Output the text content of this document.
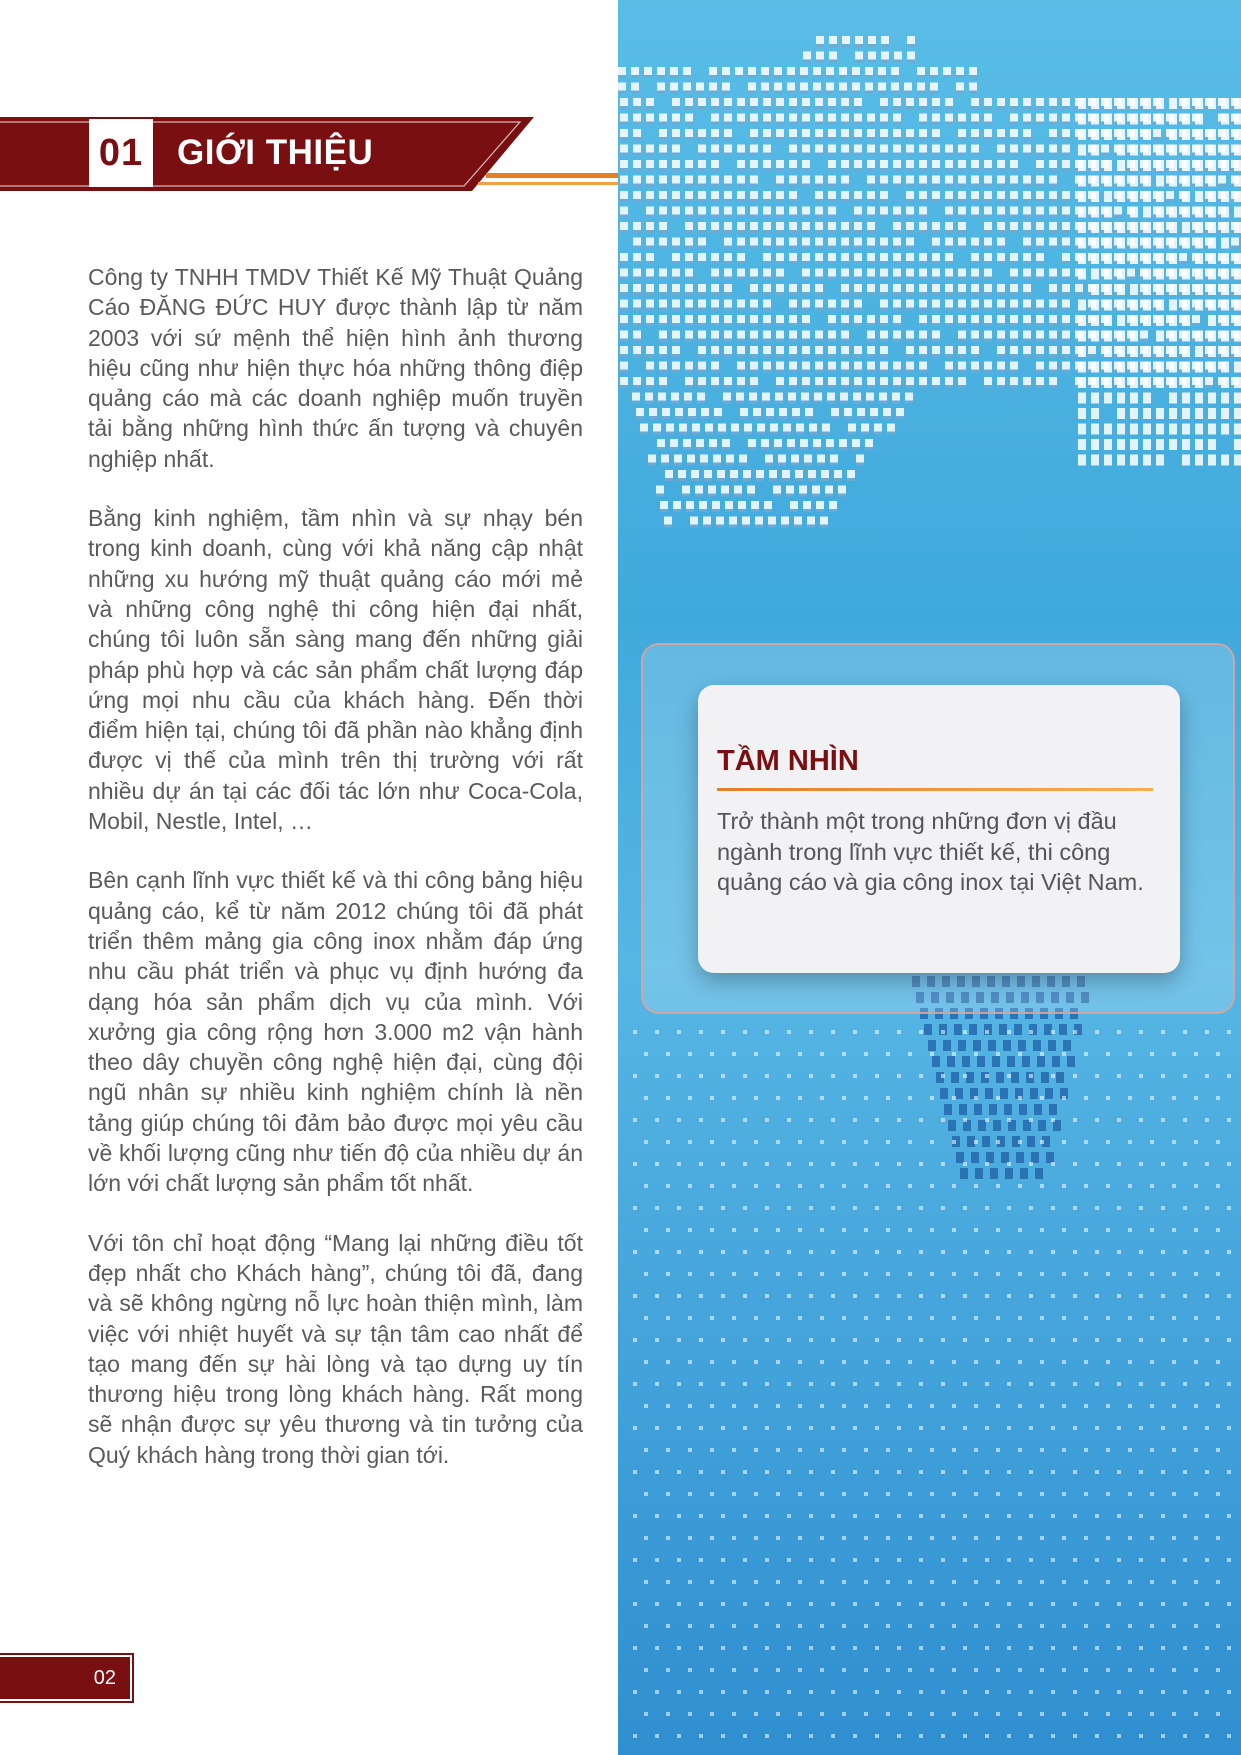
01 GIỚI THIỆU

Công ty TNHH TMDV Thiết Kế Mỹ Thuật Quảng Cáo ĐĂNG ĐỨC HUY được thành lập từ năm 2003 với sứ mệnh thể hiện hình ảnh thương hiệu cũng như hiện thực hóa những thông điệp quảng cáo mà các doanh nghiệp muốn truyền tải bằng những hình thức ấn tượng và chuyên nghiệp nhất.

Bằng kinh nghiệm, tầm nhìn và sự nhạy bén trong kinh doanh, cùng với khả năng cập nhật những xu hướng mỹ thuật quảng cáo mới mẻ và những công nghệ thi công hiện đại nhất, chúng tôi luôn sẵn sàng mang đến những giải pháp phù hợp và các sản phẩm chất lượng đáp ứng mọi nhu cầu của khách hàng. Đến thời điểm hiện tại, chúng tôi đã phần nào khẳng định được vị thế của mình trên thị trường với rất nhiều dự án tại các đối tác lớn như Coca-Cola, Mobil, Nestle, Intel, …

Bên cạnh lĩnh vực thiết kế và thi công bảng hiệu quảng cáo, kể từ năm 2012 chúng tôi đã phát triển thêm mảng gia công inox nhằm đáp ứng nhu cầu phát triển và phục vụ định hướng đa dạng hóa sản phẩm dịch vụ của mình. Với xưởng gia công rộng hơn 3.000 m2 vận hành theo dây chuyền công nghệ hiện đại, cùng đội ngũ nhân sự nhiều kinh nghiệm chính là nền tảng giúp chúng tôi đảm bảo được mọi yêu cầu về khối lượng cũng như tiến độ của nhiều dự án lớn với chất lượng sản phẩm tốt nhất.

Với tôn chỉ hoạt động “Mang lại những điều tốt đẹp nhất cho Khách hàng”, chúng tôi đã, đang và sẽ không ngừng nỗ lực hoàn thiện mình, làm việc với nhiệt huyết và sự tận tâm cao nhất để tạo mang đến sự hài lòng và tạo dựng uy tín thương hiệu trong lòng khách hàng. Rất mong sẽ nhận được sự yêu thương và tin tưởng của Quý khách hàng trong thời gian tới.

TẦM NHÌN
Trở thành một trong những đơn vị đầu ngành trong lĩnh vực thiết kế, thi công quảng cáo và gia công inox tại Việt Nam.
02
